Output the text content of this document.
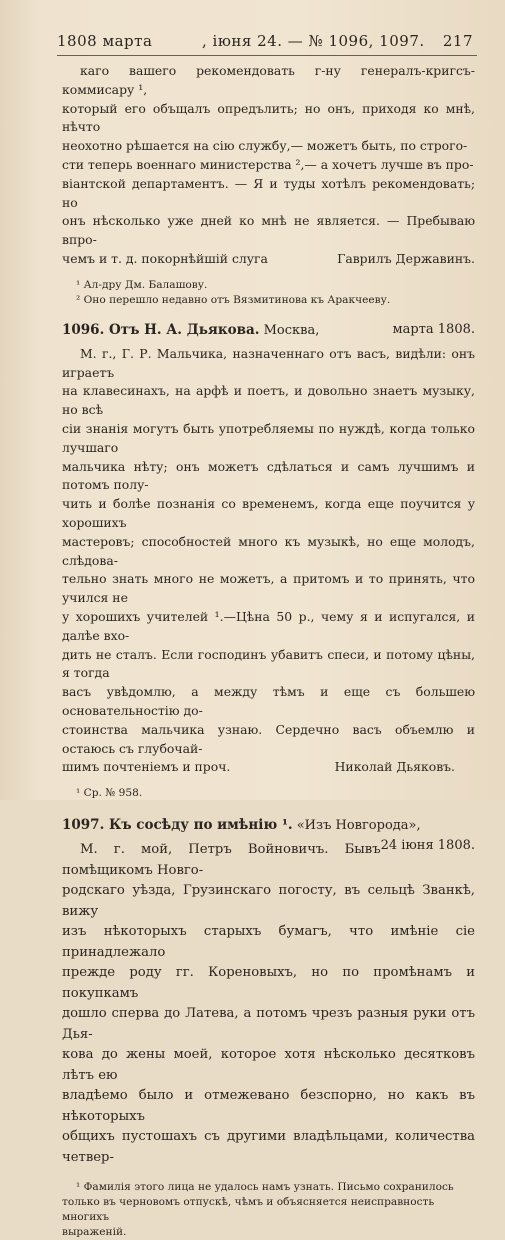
1808 марта	, іюня 24. — № 1096, 1097. 217

каго вашего рекомендовать г-ну генералъ-кригсъ-коммисару ¹,

который его объщалъ опредълить; но онъ, приходя ко мнѣ, нѣчто

неохотно рѣшается на сію службу,— можетъ быть, по строго-

сти теперь военнаго министерства ²,— а хочетъ лучше въ про-

віантской департаментъ. — Я и туды хотѣлъ рекомендовать; но

онъ нѣсколько уже дней ко мнѣ не является. — Пребываю впро-

чемъ и т. д. покорнѣйшій слуга	Гаврилъ Державинъ.

¹ Ал-дру Дм. Балашову.

² Оно перешло недавно отъ Вязмитинова къ Аракчееву.

1096. Отъ Н. А. Дьякова. Москва,	марта 1808.

М. г., Г. Р. Мальчика, назначеннаго отъ васъ, видѣли: онъ играетъ

на клавесинахъ, на арфѣ и поетъ, и довольно знаетъ музыку, но всѣ

сіи знанія могутъ быть употребляемы по нуждѣ, когда только лучшаго

мальчика нѣту; онъ можетъ сдѣлаться и самъ лучшимъ и потомъ полу-

чить и болѣе познанія со временемъ, когда еще поучится у хорошихъ

мастеровъ; способностей много къ музыкѣ, но еще молодъ, слѣдова-

тельно знать много не можетъ, а притомъ и то принять, что учился не

у хорошихъ учителей ¹.—Цѣна 50 р., чему я и испугался, и далѣе вхо-

дить не сталъ. Если господинъ убавитъ спеси, и потому цѣны, я тогда

васъ увѣдомлю, а между тѣмъ и еще съ большею основательностію до-

стоинства мальчика узнаю. Сердечно васъ объемлю и остаюсь съ глубочай-

шимъ почтеніемъ и проч.	Николай Дьяковъ.

¹ Ср. № 958.

1097. Къ сосѣду по имѣнію ¹. «Изъ Новгорода»,
24 іюня 1808.

М. г. мой, Петръ Войновичъ. Бывъ помѣщикомъ Новго-

родскаго уѣзда, Грузинскаго погосту, въ сельцѣ Званкѣ, вижу

изъ нѣкоторыхъ старыхъ бумагъ, что имѣніе сіе принадлежало

прежде роду гг. Кореновыхъ, но по промѣнамъ и покупкамъ

дошло сперва до Латева, а потомъ чрезъ разныя руки отъ Дья-

кова до жены моей, которое хотя нѣсколько десятковъ лѣтъ ею

владѣемо было и отмежевано безспорно, но какъ въ нѣкоторыхъ

общихъ пустошахъ съ другими владѣльцами, количества четвер-

¹ Фамилія этого лица не удалось намъ узнать. Письмо сохранилось

только въ черновомъ отпускѣ, чѣмъ и объясняется неисправность многихъ

выраженій.
